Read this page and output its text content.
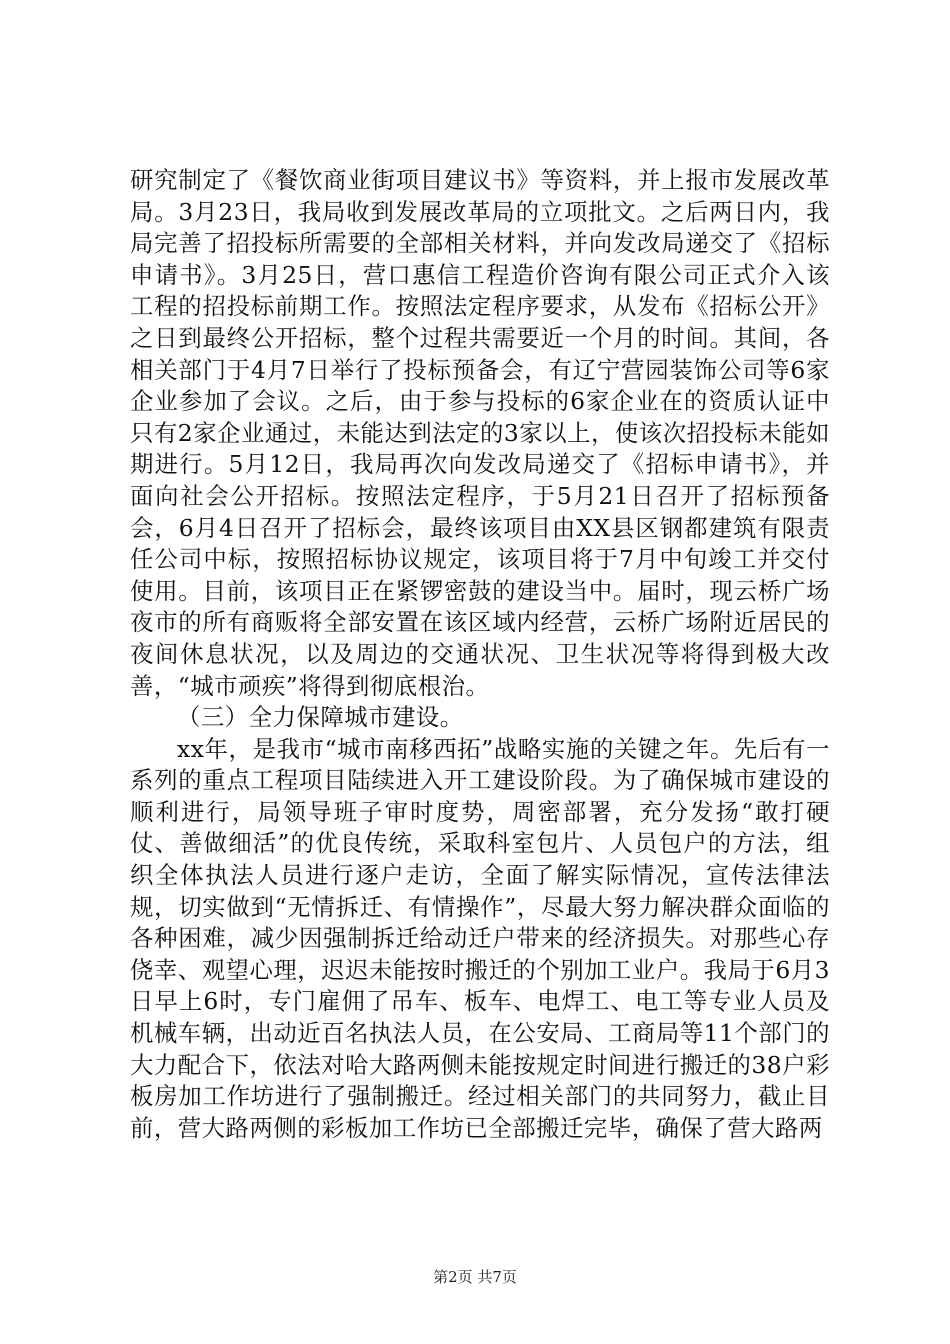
研究制定了《餐饮商业街项目建议书》等资料，并上报市发展改革局。3月23日，我局收到发展改革局的立项批文。之后两日内，我局完善了招投标所需要的全部相关材料，并向发改局递交了《招标申请书》。3月25日，营口惠信工程造价咨询有限公司正式介入该工程的招投标前期工作。按照法定程序要求，从发布《招标公开》之日到最终公开招标，整个过程共需要近一个月的时间。其间，各相关部门于4月7日举行了投标预备会，有辽宁营园装饰公司等6家企业参加了会议。之后，由于参与投标的6家企业在的资质认证中只有2家企业通过，未能达到法定的3家以上，使该次招投标未能如期进行。5月12日，我局再次向发改局递交了《招标申请书》，并面向社会公开招标。按照法定程序，于5月21日召开了招标预备会，6月4日召开了招标会，最终该项目由XX县区钢都建筑有限责任公司中标，按照招标协议规定，该项目将于7月中旬竣工并交付使用。目前，该项目正在紧锣密鼓的建设当中。届时，现云桥广场夜市的所有商贩将全部安置在该区域内经营，云桥广场附近居民的夜间休息状况，以及周边的交通状况、卫生状况等将得到极大改善，“城市顽疾”将得到彻底根治。

（三）全力保障城市建设。

xx年，是我市“城市南移西拓”战略实施的关键之年。先后有一系列的重点工程项目陆续进入开工建设阶段。为了确保城市建设的顺利进行，局领导班子审时度势，周密部署，充分发扬“敢打硬仗、善做细活”的优良传统，采取科室包片、人员包户的方法，组织全体执法人员进行逐户走访，全面了解实际情况，宣传法律法规，切实做到“无情拆迁、有情操作”，尽最大努力解决群众面临的各种困难，减少因强制拆迁给动迁户带来的经济损失。对那些心存侥幸、观望心理，迟迟未能按时搬迁的个别加工业户。我局于6月3日早上6时，专门雇佣了吊车、板车、电焊工、电工等专业人员及机械车辆，出动近百名执法人员，在公安局、工商局等11个部门的大力配合下，依法对哈大路两侧未能按规定时间进行搬迁的38户彩板房加工作坊进行了强制搬迁。经过相关部门的共同努力，截止目前，营大路两侧的彩板加工作坊已全部搬迁完毕，确保了营大路两

第2页 共7页
